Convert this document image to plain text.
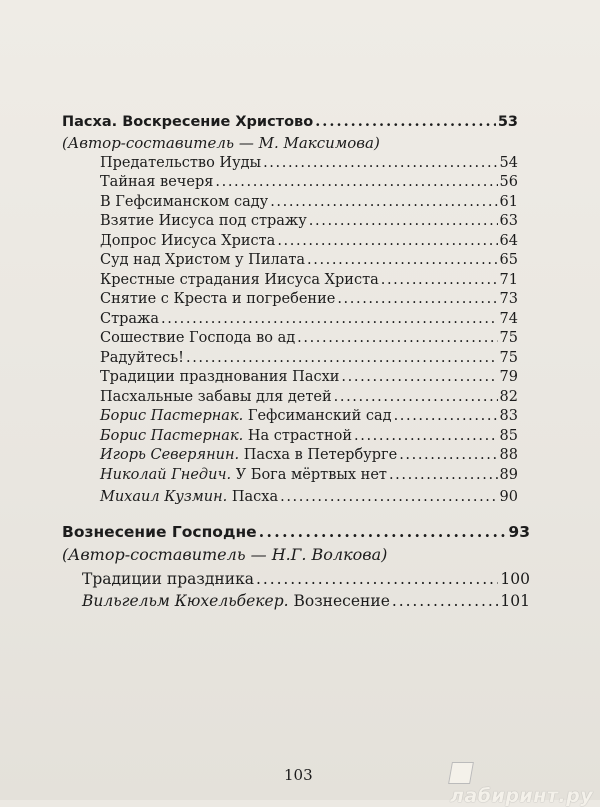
Пасха. Воскресение Христово . . .	53
(Автор-составитель — М. Максимова)
Предательство Иуды . . .	54
Тайная вечеря . . .	56
В Гефсиманском саду . . .	61
Взятие Иисуса под стражу . . .	63
Допрос Иисуса Христа . . .	64
Суд над Христом у Пилата . . .	65
Крестные страдания Иисуса Христа . . .	71
Снятие с Креста и погребение . . .	73
Стража . . .	74
Сошествие Господа во ад . . .	75
Радуйтесь! . . .	75
Традиции празднования Пасхи . . .	79
Пасхальные забавы для детей . . .	82
Борис Пастернак. Гефсиманский сад . . .	83
Борис Пастернак. На страстной . . .	85
Игорь Северянин. Пасха в Петербурге . . .	88
Николай Гнедич. У Бога мёртвых нет . . .	89
Михаил Кузмин. Пасха . . .	90
Вознесение Господне . . .	93
(Автор-составитель — Н.Г. Волкова)
Традиции праздника . . .	100
Вильгельм Кюхельбекер. Вознесение . . .	101
103
лабиринт.ру
